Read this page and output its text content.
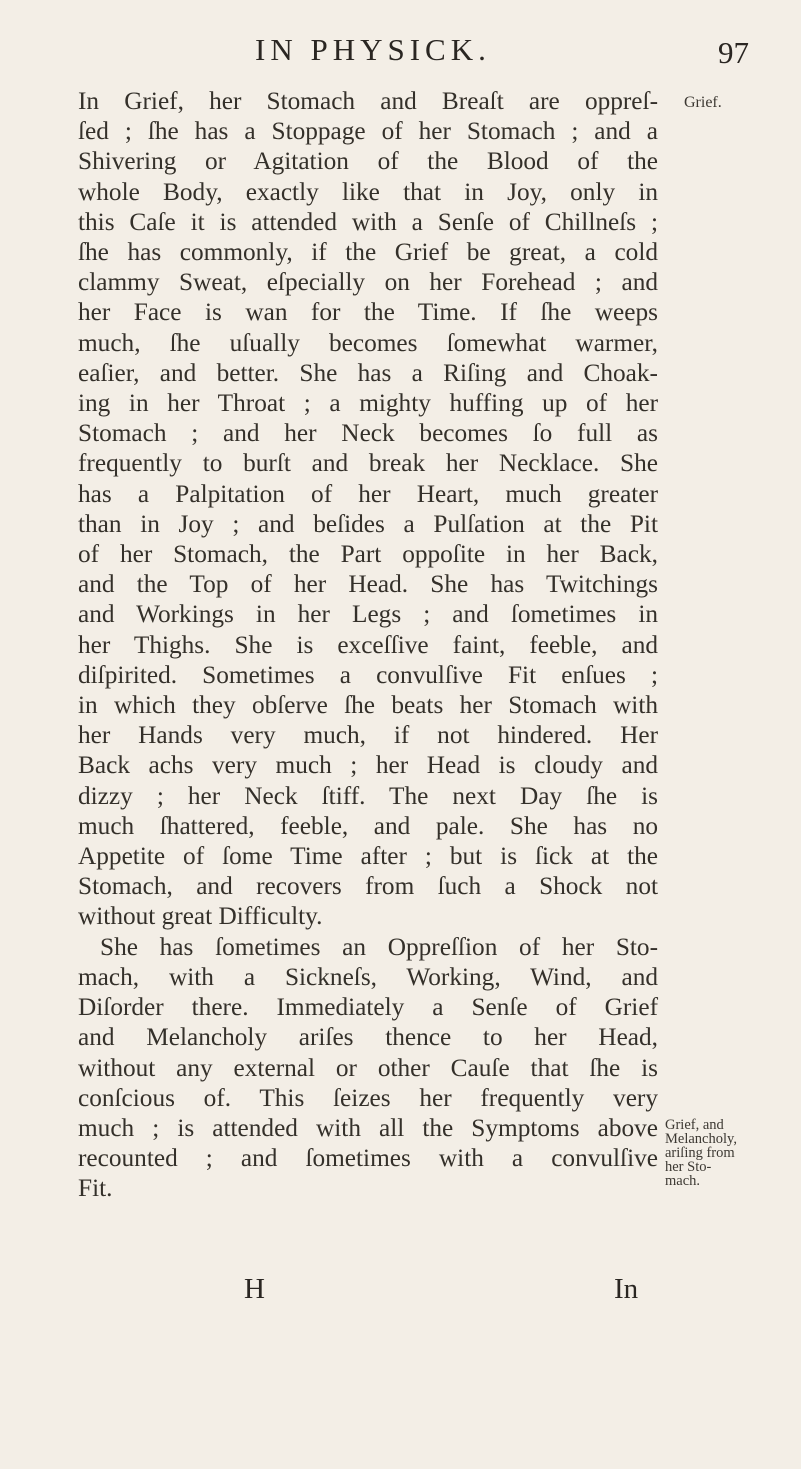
IN PHYSICK.	97
Grief.
Grief, and
Melancholy,
ariſing from
her Sto-
mach.
In Grief, her Stomach and Breaſt are oppreſ-
ſed ; ſhe has a Stoppage of her Stomach ; and a
Shivering or Agitation of the Blood of the
whole Body, exactly like that in Joy, only in
this Caſe it is attended with a Senſe of Chillneſs ;
ſhe has commonly, if the Grief be great, a cold
clammy Sweat, eſpecially on her Forehead ; and
her Face is wan for the Time. If ſhe weeps
much, ſhe uſually becomes ſomewhat warmer,
eaſier, and better. She has a Riſing and Choak-
ing in her Throat ; a mighty huffing up of her
Stomach ; and her Neck becomes ſo full as
frequently to burſt and break her Necklace. She
has a Palpitation of her Heart, much greater
than in Joy ; and beſides a Pulſation at the Pit
of her Stomach, the Part oppoſite in her Back,
and the Top of her Head. She has Twitchings
and Workings in her Legs ; and ſometimes in
her Thighs. She is exceſſive faint, feeble, and
diſpirited. Sometimes a convulſive Fit enſues ;
in which they obſerve ſhe beats her Stomach with
her Hands very much, if not hindered. Her
Back achs very much ; her Head is cloudy and
dizzy ; her Neck ſtiff. The next Day ſhe is
much ſhattered, feeble, and pale. She has no
Appetite of ſome Time after ; but is ſick at the
Stomach, and recovers from ſuch a Shock not
without great Difficulty.
She has ſometimes an Oppreſſion of her Sto-
mach, with a Sickneſs, Working, Wind, and
Diſorder there. Immediately a Senſe of Grief
and Melancholy ariſes thence to her Head,
without any external or other Cauſe that ſhe is
conſcious of. This ſeizes her frequently very
much ; is attended with all the Symptoms above
recounted ; and ſometimes with a convulſive
Fit.
H	In
